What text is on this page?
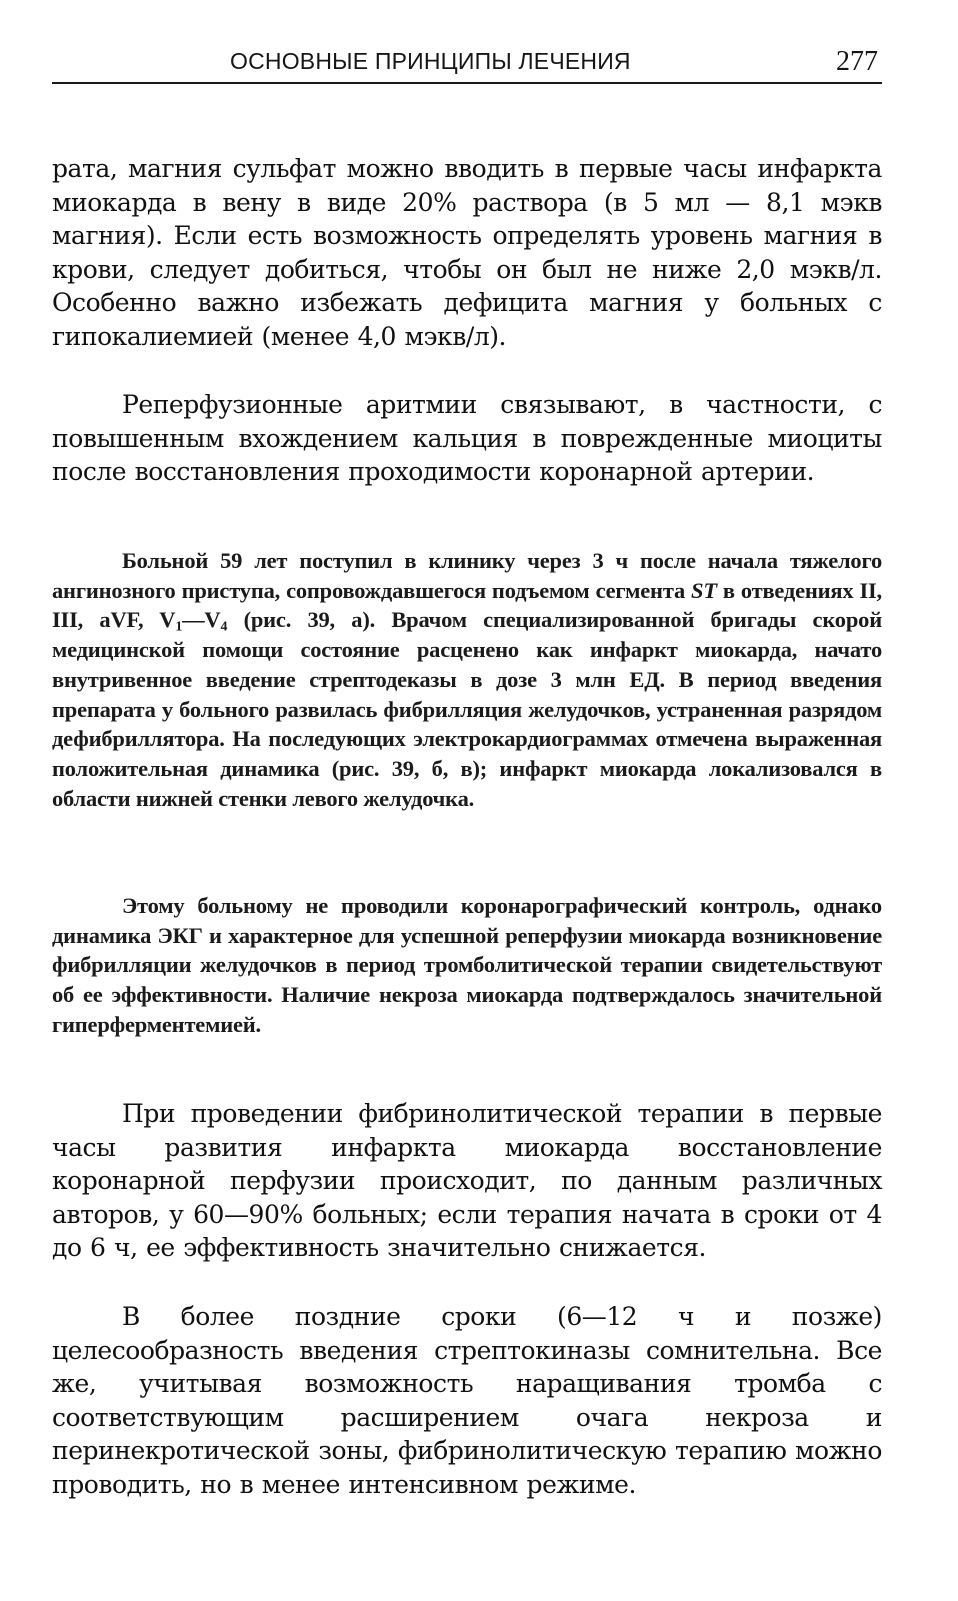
ОСНОВНЫЕ ПРИНЦИПЫ ЛЕЧЕНИЯ	277

рата, магния сульфат можно вводить в первые часы инфаркта миокарда в вену в виде 20% раствора (в 5 мл — 8,1 мэкв магния). Если есть возможность определять уровень магния в крови, следует добиться, чтобы он был не ниже 2,0 мэкв/л. Особенно важно избежать дефицита магния у больных с гипокалиемией (менее 4,0 мэкв/л).

Реперфузионные аритмии связывают, в частности, с повышенным вхождением кальция в поврежденные миоциты после восстановления проходимости коронарной артерии.

Больной 59 лет поступил в клинику через 3 ч после начала тяжелого ангинозного приступа, сопровождавшегося подъемом сегмента ST в отведениях II, III, aVF, $V_1—V_4$ (рис. 39, а). Врачом специализированной бригады скорой медицинской помощи состояние расценено как инфаркт миокарда, начато внутривенное введение стрептодеказы в дозе 3 млн ЕД. В период введения препарата у больного развилась фибрилляция желудочков, устраненная разрядом дефибриллятора. На последующих электрокардиограммах отмечена выраженная положительная динамика (рис. 39, б, в); инфаркт миокарда локализовался в области нижней стенки левого желудочка.

Этому больному не проводили коронарографический контроль, однако динамика ЭКГ и характерное для успешной реперфузии миокарда возникновение фибрилляции желудочков в период тромболитической терапии свидетельствуют об ее эффективности. Наличие некроза миокарда подтверждалось значительной гиперферментемией.

При проведении фибринолитической терапии в первые часы развития инфаркта миокарда восстановление коронарной перфузии происходит, по данным различных авторов, у 60—90% больных; если терапия начата в сроки от 4 до 6 ч, ее эффективность значительно снижается.

В более поздние сроки (6—12 ч и позже) целесообразность введения стрептокиназы сомнительна. Все же, учитывая возможность наращивания тромба с соответствующим расширением очага некроза и перинекротической зоны, фибринолитическую терапию можно проводить, но в менее интенсивном режиме.
